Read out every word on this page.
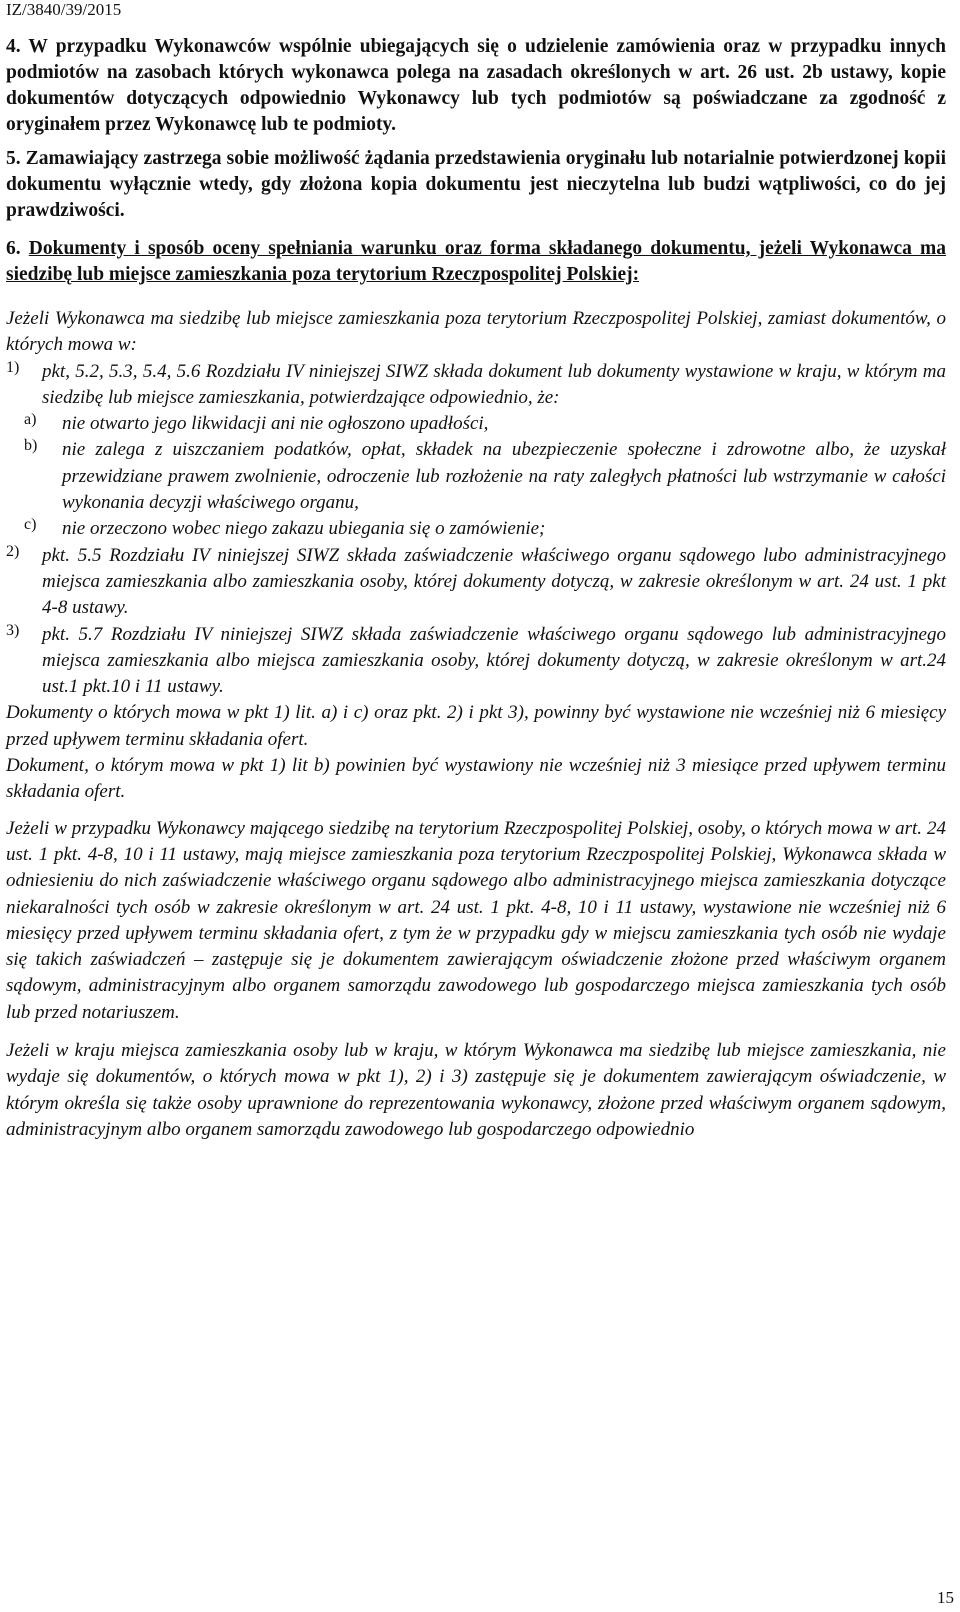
IZ/3840/39/2015

4. W przypadku Wykonawców wspólnie ubiegających się o udzielenie zamówienia oraz w przypadku innych podmiotów na zasobach których wykonawca polega na zasadach określonych w art. 26 ust. 2b ustawy, kopie dokumentów dotyczących odpowiednio Wykonawcy lub tych podmiotów są poświadczane za zgodność z oryginałem przez Wykonawcę lub te podmioty.

5. Zamawiający zastrzega sobie możliwość żądania przedstawienia oryginału lub notarialnie potwierdzonej kopii dokumentu wyłącznie wtedy, gdy złożona kopia dokumentu jest nieczytelna lub budzi wątpliwości, co do jej prawdziwości.

6. Dokumenty i sposób oceny spełniania warunku oraz forma składanego dokumentu, jeżeli Wykonawca ma siedzibę lub miejsce zamieszkania poza terytorium Rzeczpospolitej Polskiej:

Jeżeli Wykonawca ma siedzibę lub miejsce zamieszkania poza terytorium Rzeczpospolitej Polskiej, zamiast dokumentów, o których mowa w:

1) pkt, 5.2, 5.3, 5.4, 5.6 Rozdziału IV niniejszej SIWZ składa dokument lub dokumenty wystawione w kraju, w którym ma siedzibę lub miejsce zamieszkania, potwierdzające odpowiednio, że:

a) nie otwarto jego likwidacji ani nie ogłoszono upadłości,

b) nie zalega z uiszczaniem podatków, opłat, składek na ubezpieczenie społeczne i zdrowotne albo, że uzyskał przewidziane prawem zwolnienie, odroczenie lub rozłożenie na raty zaległych płatności lub wstrzymanie w całości wykonania decyzji właściwego organu,

c) nie orzeczono wobec niego zakazu ubiegania się o zamówienie;

2) pkt. 5.5 Rozdziału IV niniejszej SIWZ składa zaświadczenie właściwego organu sądowego lubo administracyjnego miejsca zamieszkania albo zamieszkania osoby, której dokumenty dotyczą, w zakresie określonym w art. 24 ust. 1 pkt 4-8 ustawy.

3) pkt. 5.7 Rozdziału IV niniejszej SIWZ składa zaświadczenie właściwego organu sądowego lub administracyjnego miejsca zamieszkania albo miejsca zamieszkania osoby, której dokumenty dotyczą, w zakresie określonym w art.24 ust.1 pkt.10 i 11 ustawy.

Dokumenty o których mowa w pkt 1) lit. a) i c) oraz pkt. 2) i pkt 3), powinny być wystawione nie wcześniej niż 6 miesięcy przed upływem terminu składania ofert.

Dokument, o którym mowa w pkt 1) lit b) powinien być wystawiony nie wcześniej niż 3 miesiące przed upływem terminu składania ofert.

Jeżeli w przypadku Wykonawcy mającego siedzibę na terytorium Rzeczpospolitej Polskiej, osoby, o których mowa w art. 24 ust. 1 pkt. 4-8, 10 i 11 ustawy, mają miejsce zamieszkania poza terytorium Rzeczpospolitej Polskiej, Wykonawca składa w odniesieniu do nich zaświadczenie właściwego organu sądowego albo administracyjnego miejsca zamieszkania dotyczące niekaralności tych osób w zakresie określonym w art. 24 ust. 1 pkt. 4-8, 10 i 11 ustawy, wystawione nie wcześniej niż 6 miesięcy przed upływem terminu składania ofert, z tym że w przypadku gdy w miejscu zamieszkania tych osób nie wydaje się takich zaświadczeń – zastępuje się je dokumentem zawierającym oświadczenie złożone przed właściwym organem sądowym, administracyjnym albo organem samorządu zawodowego lub gospodarczego miejsca zamieszkania tych osób lub przed notariuszem.

Jeżeli w kraju miejsca zamieszkania osoby lub w kraju, w którym Wykonawca ma siedzibę lub miejsce zamieszkania, nie wydaje się dokumentów, o których mowa w pkt 1), 2) i 3) zastępuje się je dokumentem zawierającym oświadczenie, w którym określa się także osoby uprawnione do reprezentowania wykonawcy, złożone przed właściwym organem sądowym, administracyjnym albo organem samorządu zawodowego lub gospodarczego odpowiednio

15
